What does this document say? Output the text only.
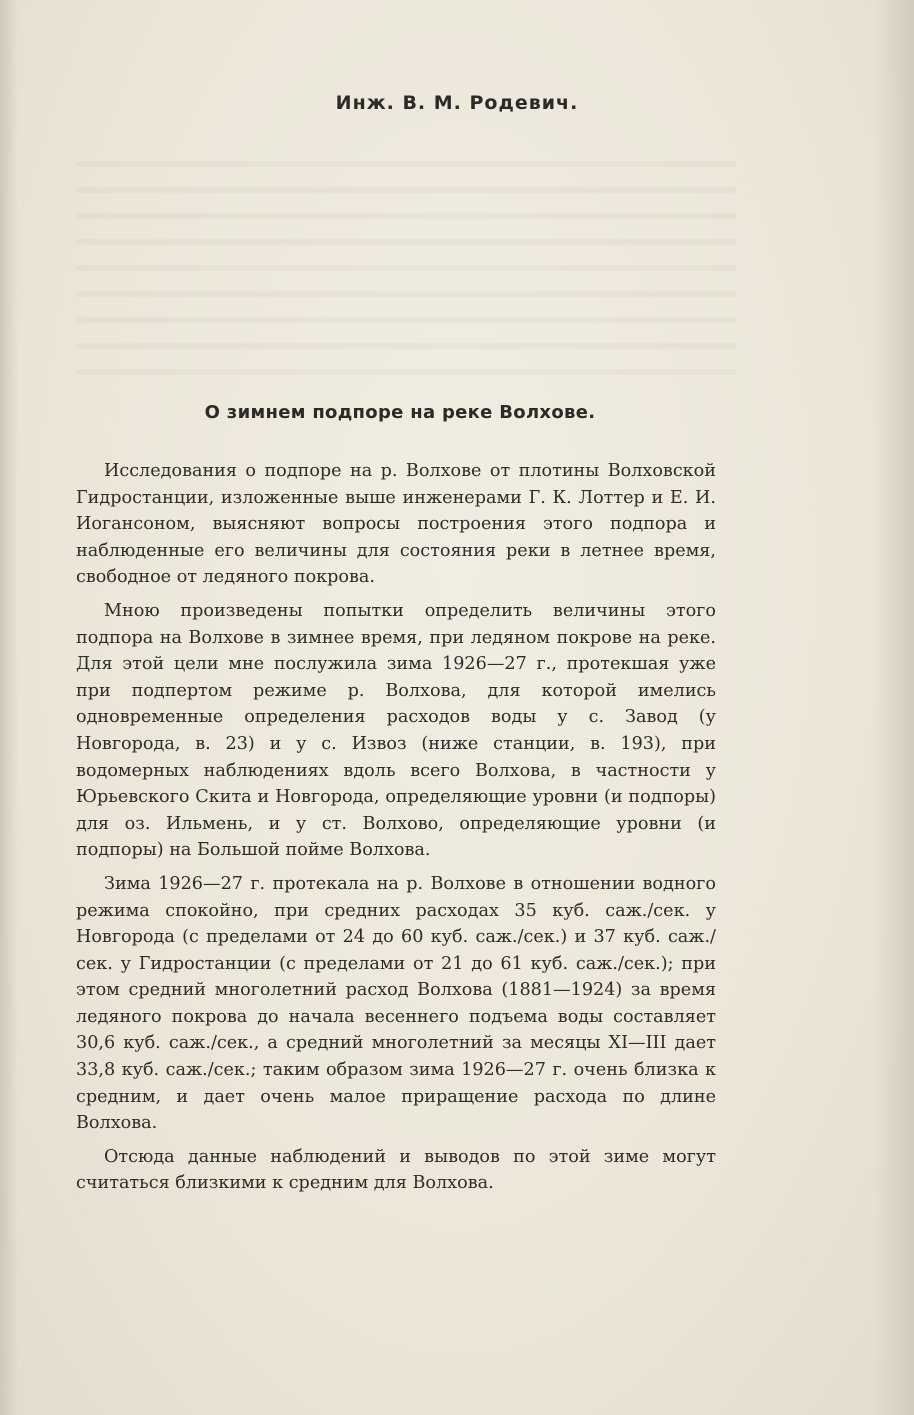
Инж. В. М. Родевич.
О зимнем подпоре на реке Волхове.

Исследования о подпоре на р. Волхове от плотины Волховской Гидростанции, изложенные выше инженерами Г. К. Лоттер и Е. И. Иогансоном, выясняют вопросы построения этого подпора и наблюденные его величины для состояния реки в летнее время, свободное от ледяного покрова.

Мною произведены попытки определить величины этого подпора на Волхове в зимнее время, при ледяном покрове на реке. Для этой цели мне послужила зима 1926—27 г., протекшая уже при подпертом режиме р. Волхова, для которой имелись одновременные определения расходов воды у с. Завод (у Новгорода, в. 23) и у с. Извоз (ниже станции, в. 193), при водомерных наблюдениях вдоль всего Волхова, в частности у Юрьевского Скита и Новгорода, определяющие уровни (и подпоры) для оз. Ильмень, и у ст. Волхово, определяющие уровни (и подпоры) на Большой пойме Волхова.

Зима 1926—27 г. протекала на р. Волхове в отношении водного режима спокойно, при средних расходах 35 куб. саж./сек. у Новгорода (с пределами от 24 до 60 куб. саж./сек.) и 37 куб. саж./сек. у Гидростанции (с пределами от 21 до 61 куб. саж./сек.); при этом средний многолетний расход Волхова (1881—1924) за время ледяного покрова до начала весеннего подъема воды составляет 30,6 куб. саж./сек., а средний многолетний за месяцы XI—III дает 33,8 куб. саж./сек.; таким образом зима 1926—27 г. очень близка к средним, и дает очень малое приращение расхода по длине Волхова.

Отсюда данные наблюдений и выводов по этой зиме могут считаться близкими к средним для Волхова.
